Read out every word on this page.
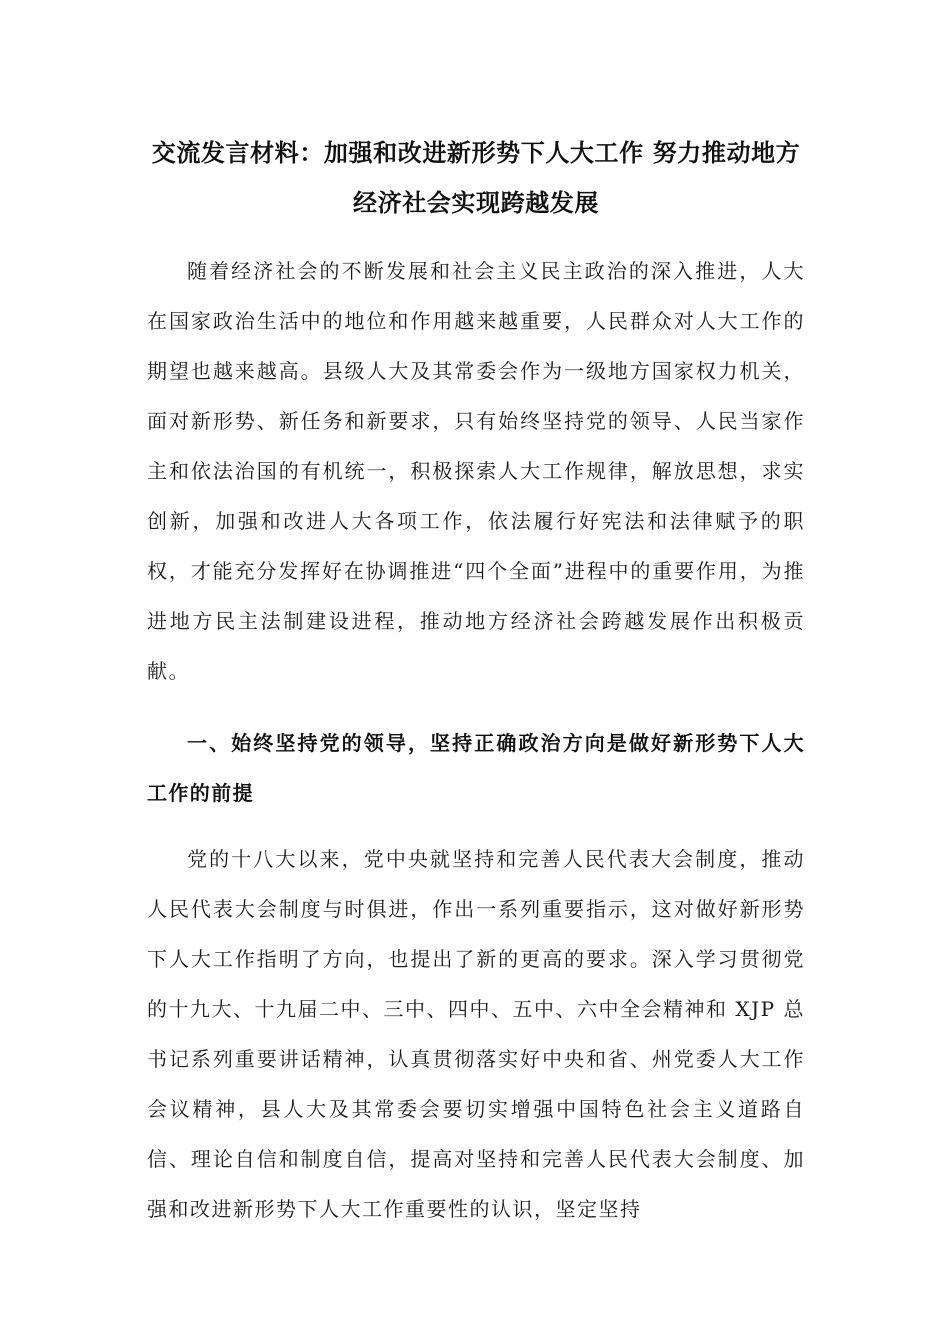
交流发言材料：加强和改进新形势下人大工作 努力推动地方经济社会实现跨越发展

随着经济社会的不断发展和社会主义民主政治的深入推进，人大在国家政治生活中的地位和作用越来越重要，人民群众对人大工作的期望也越来越高。县级人大及其常委会作为一级地方国家权力机关，面对新形势、新任务和新要求，只有始终坚持党的领导、人民当家作主和依法治国的有机统一，积极探索人大工作规律，解放思想，求实创新，加强和改进人大各项工作，依法履行好宪法和法律赋予的职权，才能充分发挥好在协调推进“四个全面”进程中的重要作用，为推进地方民主法制建设进程，推动地方经济社会跨越发展作出积极贡献。

一、始终坚持党的领导，坚持正确政治方向是做好新形势下人大工作的前提

党的十八大以来，党中央就坚持和完善人民代表大会制度，推动人民代表大会制度与时俱进，作出一系列重要指示，这对做好新形势下人大工作指明了方向，也提出了新的更高的要求。深入学习贯彻党的十九大、十九届二中、三中、四中、五中、六中全会精神和 XJP 总书记系列重要讲话精神，认真贯彻落实好中央和省、州党委人大工作会议精神，县人大及其常委会要切实增强中国特色社会主义道路自信、理论自信和制度自信，提高对坚持和完善人民代表大会制度、加强和改进新形势下人大工作重要性的认识，坚定坚持
